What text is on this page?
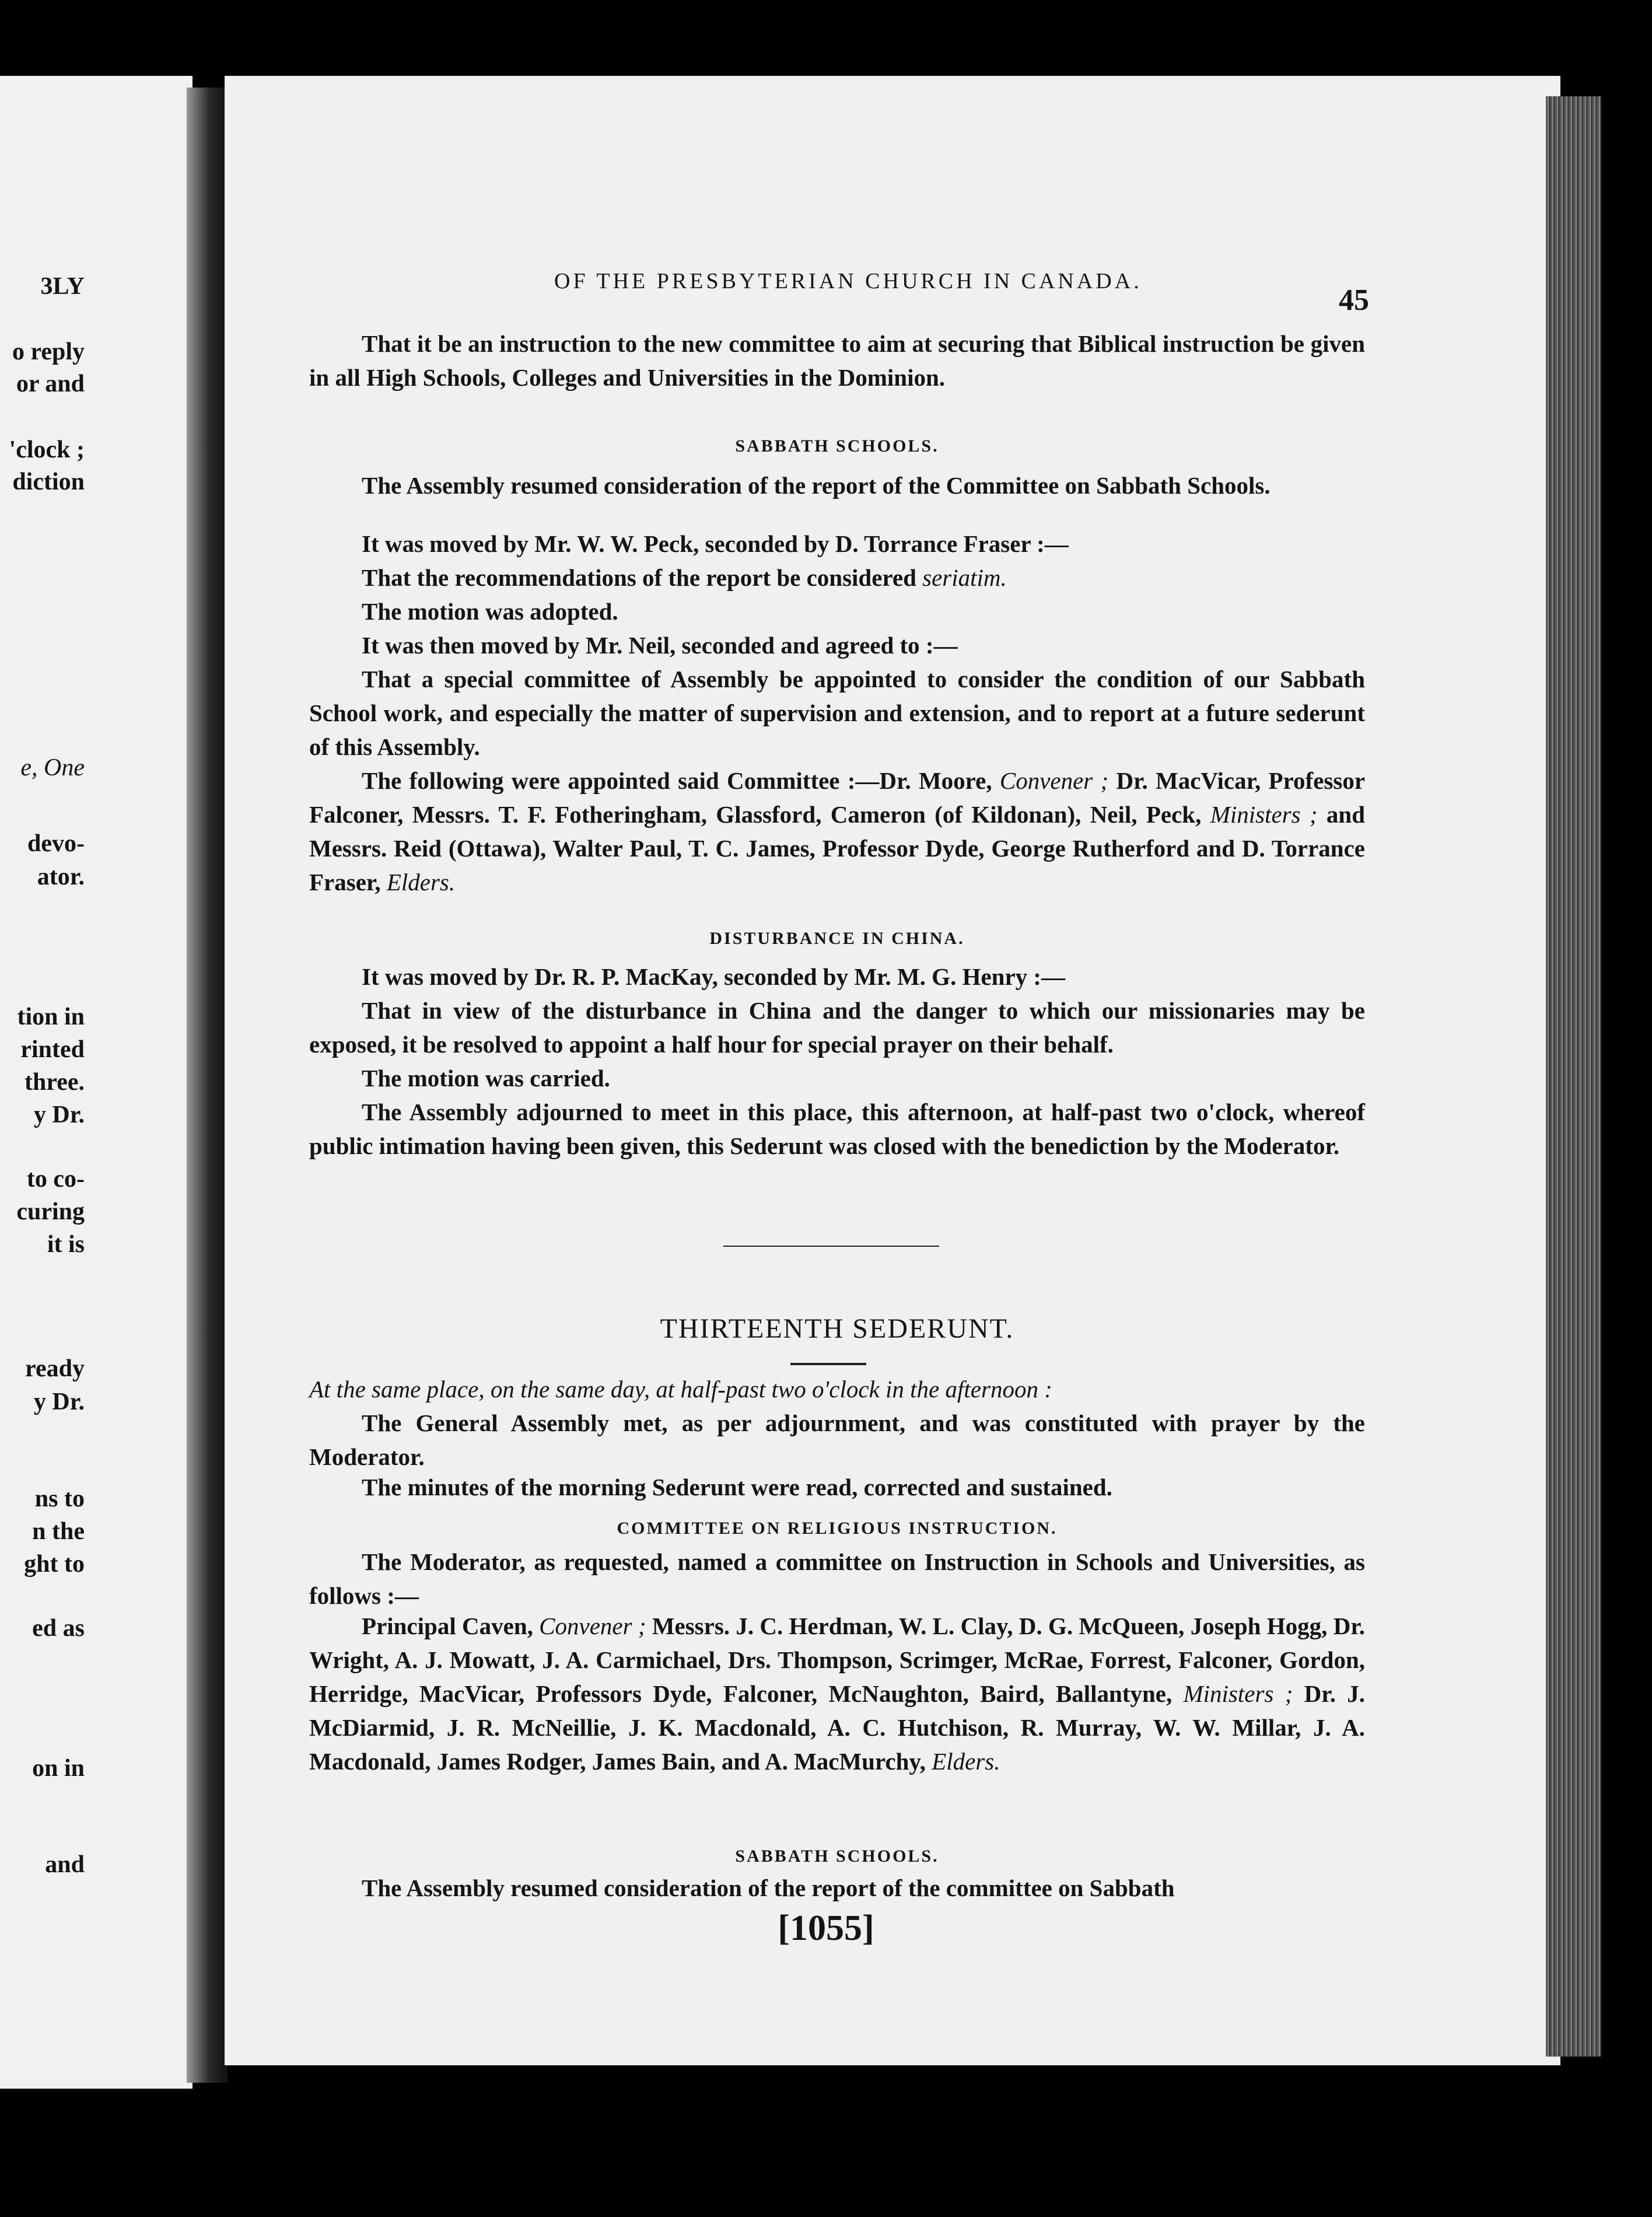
3LY
o reply
or and
'clock ;
diction
e, One
devo-
ator.
tion in
rinted
three.
y Dr.
to co-
curing
it is
ready
y Dr.
ns to
n the
ght to
ed as
on in
and
OF THE PRESBYTERIAN CHURCH IN CANADA.
45
That it be an instruction to the new committee to aim at securing that Biblical instruction be given in all High Schools, Colleges and Universities in the Dominion.
SABBATH SCHOOLS.
The Assembly resumed consideration of the report of the Committee on Sabbath Schools.
It was moved by Mr. W. W. Peck, seconded by D. Torrance Fraser :—
That the recommendations of the report be considered seriatim.
The motion was adopted.
It was then moved by Mr. Neil, seconded and agreed to :—
That a special committee of Assembly be appointed to consider the condition of our Sabbath School work, and especially the matter of supervision and extension, and to report at a future sederunt of this Assembly.
The following were appointed said Committee :—Dr. Moore, Convener ; Dr. MacVicar, Professor Falconer, Messrs. T. F. Fotheringham, Glassford, Cameron (of Kildonan), Neil, Peck, Ministers ; and Messrs. Reid (Ottawa), Walter Paul, T. C. James, Professor Dyde, George Rutherford and D. Torrance Fraser, Elders.
DISTURBANCE IN CHINA.
It was moved by Dr. R. P. MacKay, seconded by Mr. M. G. Henry :—
That in view of the disturbance in China and the danger to which our missionaries may be exposed, it be resolved to appoint a half hour for special prayer on their behalf.
The motion was carried.
The Assembly adjourned to meet in this place, this afternoon, at half-past two o'clock, whereof public intimation having been given, this Sederunt was closed with the benediction by the Moderator.
THIRTEENTH SEDERUNT.
At the same place, on the same day, at half-past two o'clock in the afternoon :
The General Assembly met, as per adjournment, and was constituted with prayer by the Moderator.
The minutes of the morning Sederunt were read, corrected and sustained.
COMMITTEE ON RELIGIOUS INSTRUCTION.
The Moderator, as requested, named a committee on Instruction in Schools and Universities, as follows :—
Principal Caven, Convener ; Messrs. J. C. Herdman, W. L. Clay, D. G. McQueen, Joseph Hogg, Dr. Wright, A. J. Mowatt, J. A. Carmichael, Drs. Thompson, Scrimger, McRae, Forrest, Falconer, Gordon, Herridge, MacVicar, Professors Dyde, Falconer, McNaughton, Baird, Ballantyne, Ministers ; Dr. J. McDiarmid, J. R. McNeillie, J. K. Macdonald, A. C. Hutchison, R. Murray, W. W. Millar, J. A. Macdonald, James Rodger, James Bain, and A. MacMurchy, Elders.
SABBATH SCHOOLS.
The Assembly resumed consideration of the report of the committee on Sabbath
[1055]
